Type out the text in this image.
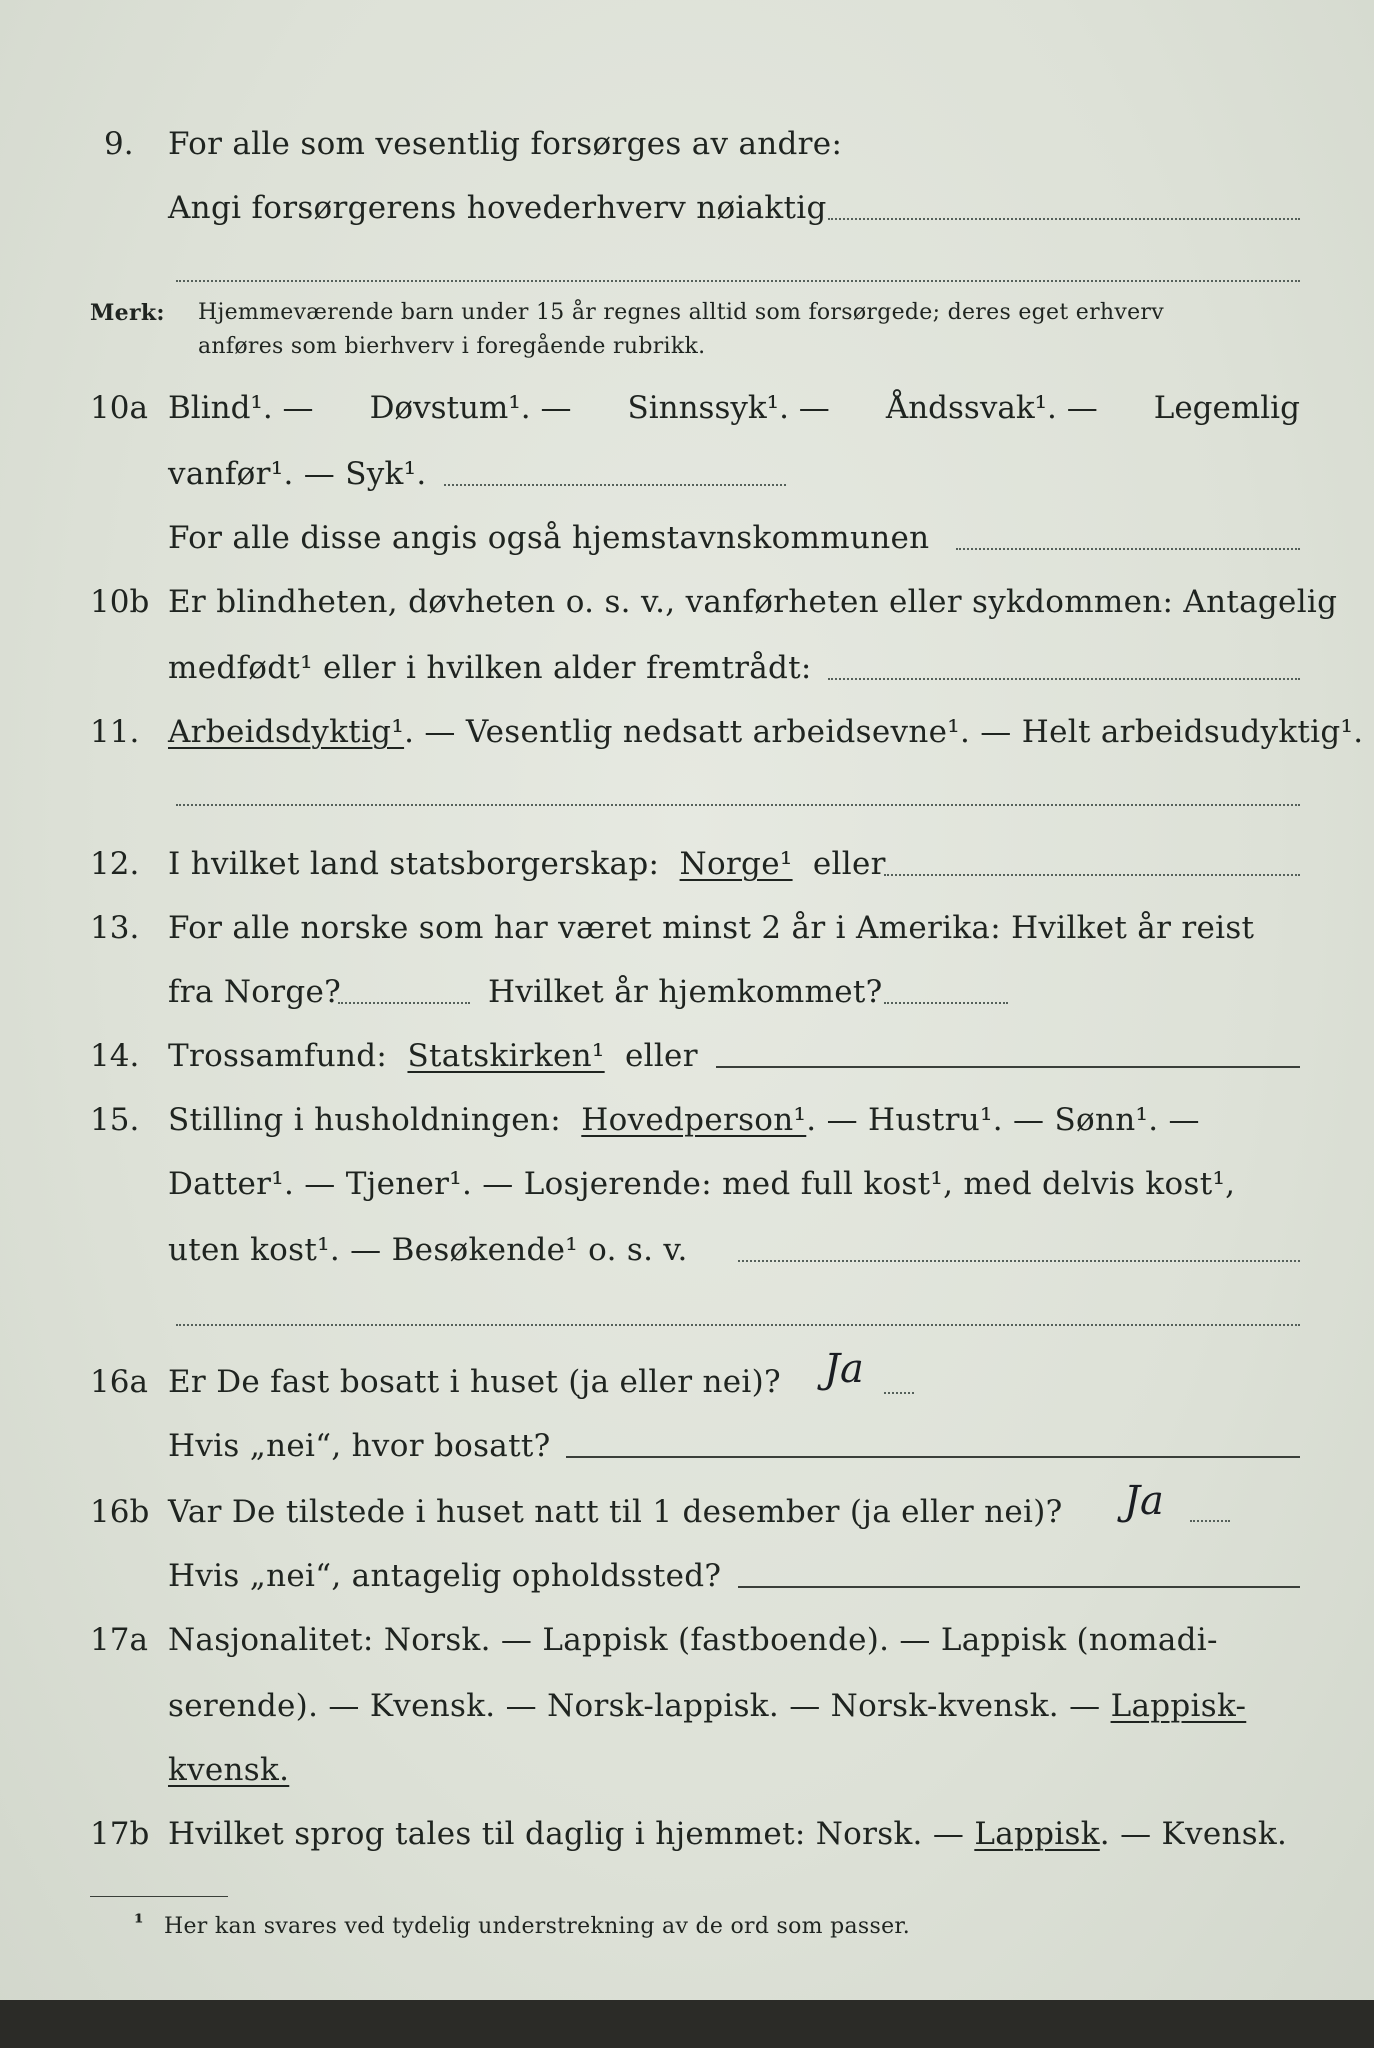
9. For alle som vesentlig forsørges av andre:
Angi forsørgerens hovederhverv nøiaktig
Merk: Hjemmeværende barn under 15 år regnes alltid som forsørgede; deres eget erhverv
anføres som bierhverv i foregående rubrikk.
10a Blind¹. — Døvstum¹. — Sinnssyk¹. — Åndssvak¹. — Legemlig
vanfør¹. — Syk¹.
For alle disse angis også hjemstavnskommunen
10b Er blindheten, døvheten o. s. v., vanførheten eller sykdommen: Antagelig
medfødt¹ eller i hvilken alder fremtrådt:
11. Arbeidsdyktig¹. — Vesentlig nedsatt arbeidsevne¹. — Helt arbeidsudyktig¹.
12. I hvilket land statsborgerskap: Norge¹ eller
13. For alle norske som har været minst 2 år i Amerika: Hvilket år reist
fra Norge?	Hvilket år hjemkommet?
14. Trossamfund: Statskirken¹ eller
15. Stilling i husholdningen: Hovedperson¹. — Hustru¹. — Sønn¹. —
Datter¹. — Tjener¹. — Losjerende: med full kost¹, med delvis kost¹,
uten kost¹. — Besøkende¹ o. s. v.
16a Er De fast bosatt i huset (ja eller nei)? Ja
Hvis „nei“, hvor bosatt?
16b Var De tilstede i huset natt til 1 desember (ja eller nei)? Ja
Hvis „nei“, antagelig opholdssted?
17a Nasjonalitet: Norsk. — Lappisk (fastboende). — Lappisk (nomadi-
serende). — Kvensk. — Norsk-lappisk. — Norsk-kvensk. — Lappisk-
kvensk.
17b Hvilket sprog tales til daglig i hjemmet: Norsk. — Lappisk. — Kvensk.
¹ Her kan svares ved tydelig understrekning av de ord som passer.
